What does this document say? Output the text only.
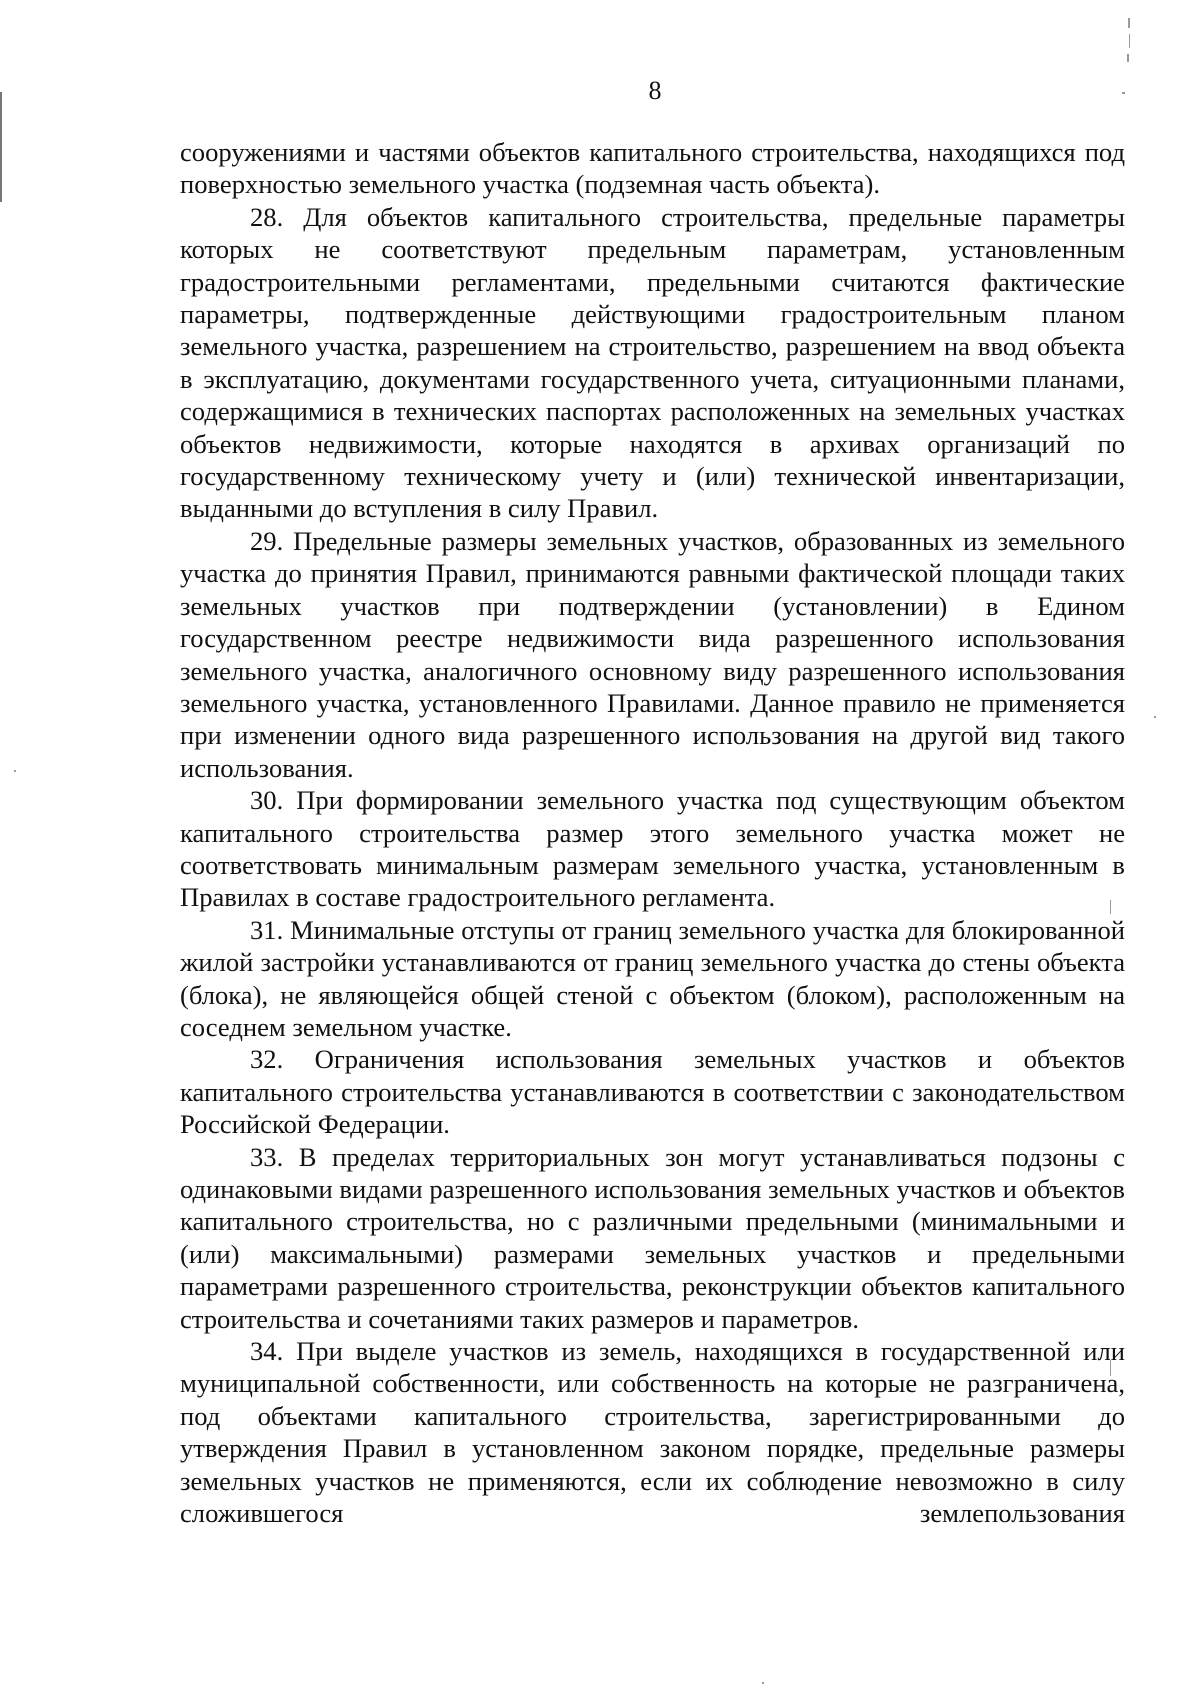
8

сооружениями и частями объектов капитального строительства, находящихся под поверхностью земельного участка (подземная часть объекта).

28. Для объектов капитального строительства, предельные параметры которых не соответствуют предельным параметрам, установленным градостроительными регламентами, предельными считаются фактические параметры, подтвержденные действующими градостроительным планом земельного участка, разрешением на строительство, разрешением на ввод объекта в эксплуатацию, документами государственного учета, ситуационными планами, содержащимися в технических паспортах расположенных на земельных участках объектов недвижимости, которые находятся в архивах организаций по государственному техническому учету и (или) технической инвентаризации, выданными до вступления в силу Правил.

29. Предельные размеры земельных участков, образованных из земельного участка до принятия Правил, принимаются равными фактической площади таких земельных участков при подтверждении (установлении) в Едином государственном реестре недвижимости вида разрешенного использования земельного участка, аналогичного основному виду разрешенного использования земельного участка, установленного Правилами. Данное правило не применяется при изменении одного вида разрешенного использования на другой вид такого использования.

30. При формировании земельного участка под существующим объектом капитального строительства размер этого земельного участка может не соответствовать минимальным размерам земельного участка, установленным в Правилах в составе градостроительного регламента.

31. Минимальные отступы от границ земельного участка для блокированной жилой застройки устанавливаются от границ земельного участка до стены объекта (блока), не являющейся общей стеной с объектом (блоком), расположенным на соседнем земельном участке.

32. Ограничения использования земельных участков и объектов капитального строительства устанавливаются в соответствии с законодательством Российской Федерации.

33. В пределах территориальных зон могут устанавливаться подзоны с одинаковыми видами разрешенного использования земельных участков и объектов капитального строительства, но с различными предельными (минимальными и (или) максимальными) размерами земельных участков и предельными параметрами разрешенного строительства, реконструкции объектов капитального строительства и сочетаниями таких размеров и параметров.

34. При выделе участков из земель, находящихся в государственной или муниципальной собственности, или собственность на которые не разграничена, под объектами капитального строительства, зарегистрированными до утверждения Правил в установленном законом порядке, предельные размеры земельных участков не применяются, если их соблюдение невозможно в силу сложившегося землепользования
